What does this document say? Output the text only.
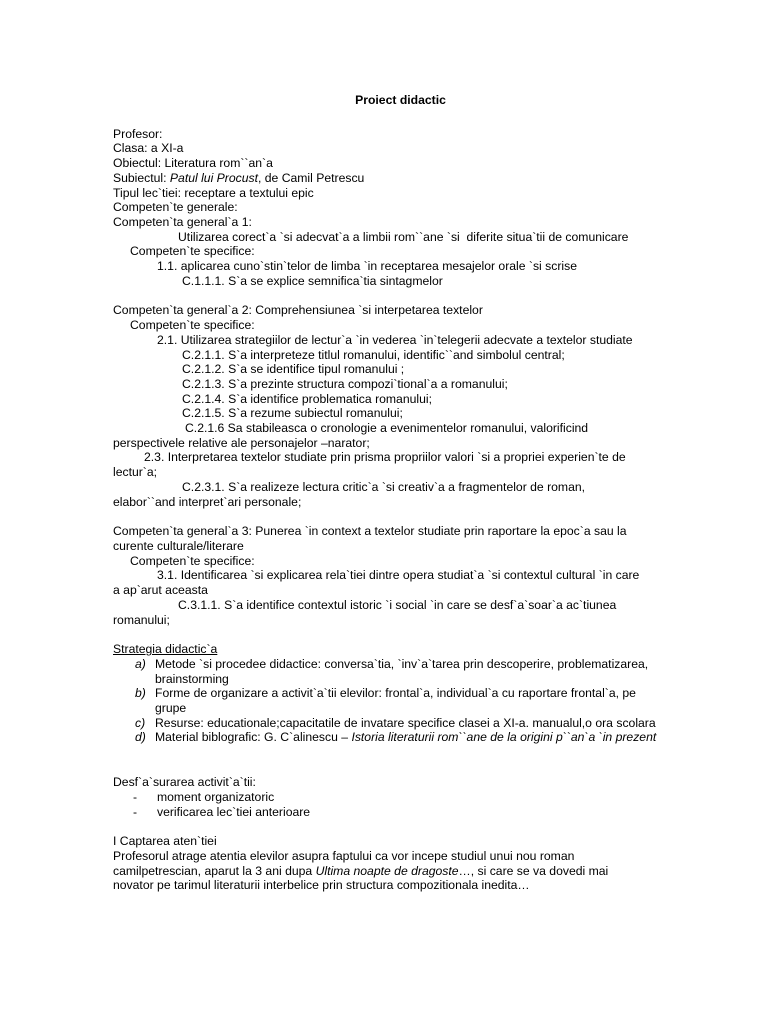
Proiect didactic
Profesor:
Clasa: a XI-a
Obiectul: Literatura rom``an`a
Subiectul: Patul lui Procust, de Camil Petrescu
Tipul lec`tiei: receptare a textului epic
Competen`te generale:
Competen`ta general`a 1:
Utilizarea corect`a `si adecvat`a a limbii rom``ane `si  diferite situa`tii de comunicare
Competen`te specifice:
1.1. aplicarea cuno`stin`telor de limba `in receptarea mesajelor orale `si scrise
C.1.1.1. S`a se explice semnifica`tia sintagmelor
Competen`ta general`a 2: Comprehensiunea `si interpetarea textelor
Competen`te specifice:
2.1. Utilizarea strategiilor de lectur`a `in vederea `in`telegerii adecvate a textelor studiate
C.2.1.1. S`a interpreteze titlul romanului, identific``and simbolul central;
C.2.1.2. S`a se identifice tipul romanului ;
C.2.1.3. S`a prezinte structura compozi`tional`a a romanului;
C.2.1.4. S`a identifice problematica romanului;
C.2.1.5. S`a rezume subiectul romanului;
C.2.1.6 Sa stabileasca o cronologie a evenimentelor romanului, valorificind
perspectivele relative ale personajelor –narator;
2.3. Interpretarea textelor studiate prin prisma propriilor valori `si a propriei experien`te de
lectur`a;
C.2.3.1. S`a realizeze lectura critic`a `si creativ`a a fragmentelor de roman,
elabor``and interpret`ari personale;
Competen`ta general`a 3: Punerea `in context a textelor studiate prin raportare la epoc`a sau la
curente culturale/literare
Competen`te specifice:
3.1. Identificarea `si explicarea rela`tiei dintre opera studiat`a `si contextul cultural `in care
a ap`arut aceasta
C.3.1.1. S`a identifice contextul istoric `i social `in care se desf`a`soar`a ac`tiunea
romanului;
Strategia didactic`a
a) Metode `si procedee didactice: conversa`tia, `inv`a`tarea prin descoperire, problematizarea, brainstorming
b) Forme de organizare a activit`a`tii elevilor: frontal`a, individual`a cu raportare frontal`a, pe grupe
c) Resurse: educationale;capacitatile de invatare specifice clasei a XI-a. manualul,o ora scolara
d) Material biblografic: G. C`alinescu – Istoria literaturii rom``ane de la origini p``an`a `in prezent
Desf`a`surarea activit`a`tii:
-	moment organizatoric
-	verificarea lec`tiei anterioare
I Captarea aten`tiei
Profesorul atrage atentia elevilor asupra faptului ca vor incepe studiul unui nou roman
camilpetrescian, aparut la 3 ani dupa Ultima noapte de dragoste…, si care se va dovedi mai
novator pe tarimul literaturii interbelice prin structura compozitionala inedita…
